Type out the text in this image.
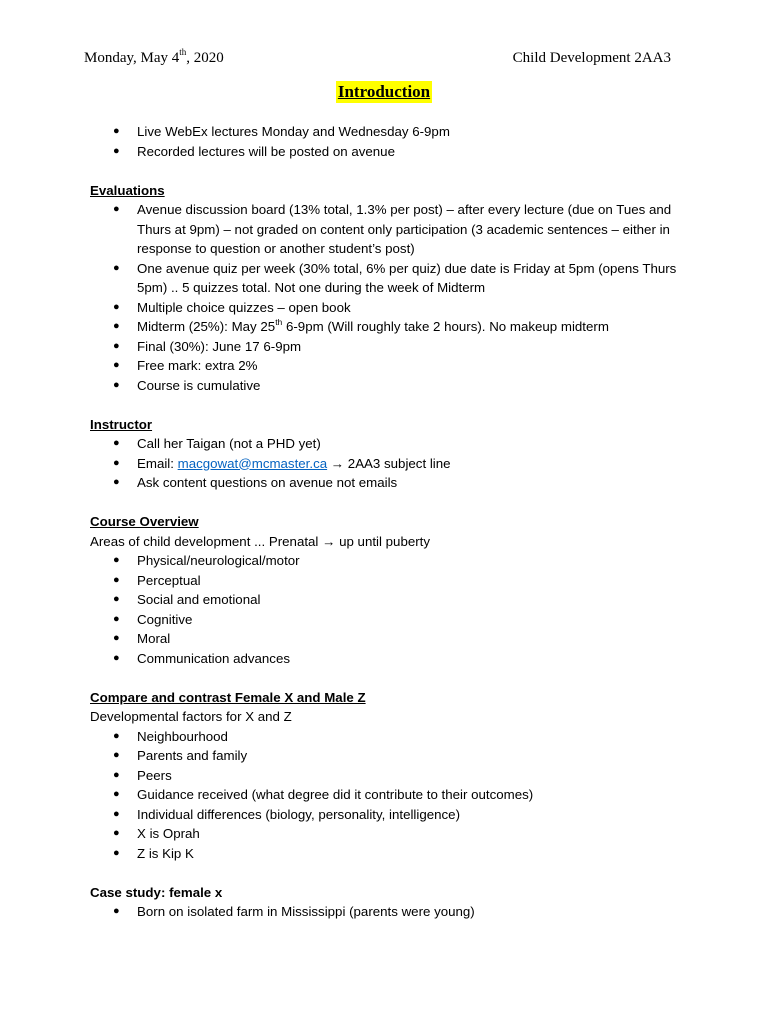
Monday, May 4th, 2020	Child Development 2AA3
Introduction
● Live WebEx lectures Monday and Wednesday 6-9pm
● Recorded lectures will be posted on avenue
Evaluations
● Avenue discussion board (13% total, 1.3% per post) – after every lecture (due on Tues and Thurs at 9pm) – not graded on content only participation (3 academic sentences – either in response to question or another student’s post)
● One avenue quiz per week (30% total, 6% per quiz) due date is Friday at 5pm (opens Thurs 5pm) .. 5 quizzes total. Not one during the week of Midterm
● Multiple choice quizzes – open book
● Midterm (25%): May 25th 6-9pm (Will roughly take 2 hours). No makeup midterm
● Final (30%): June 17 6-9pm
● Free mark: extra 2%
● Course is cumulative
Instructor
● Call her Taigan (not a PHD yet)
● Email: macgowat@mcmaster.ca → 2AA3 subject line
● Ask content questions on avenue not emails
Course Overview
Areas of child development ... Prenatal → up until puberty
● Physical/neurological/motor
● Perceptual
● Social and emotional
● Cognitive
● Moral
● Communication advances
Compare and contrast Female X and Male Z
Developmental factors for X and Z
● Neighbourhood
● Parents and family
● Peers
● Guidance received (what degree did it contribute to their outcomes)
● Individual differences (biology, personality, intelligence)
● X is Oprah
● Z is Kip K
Case study: female x
● Born on isolated farm in Mississippi (parents were young)
